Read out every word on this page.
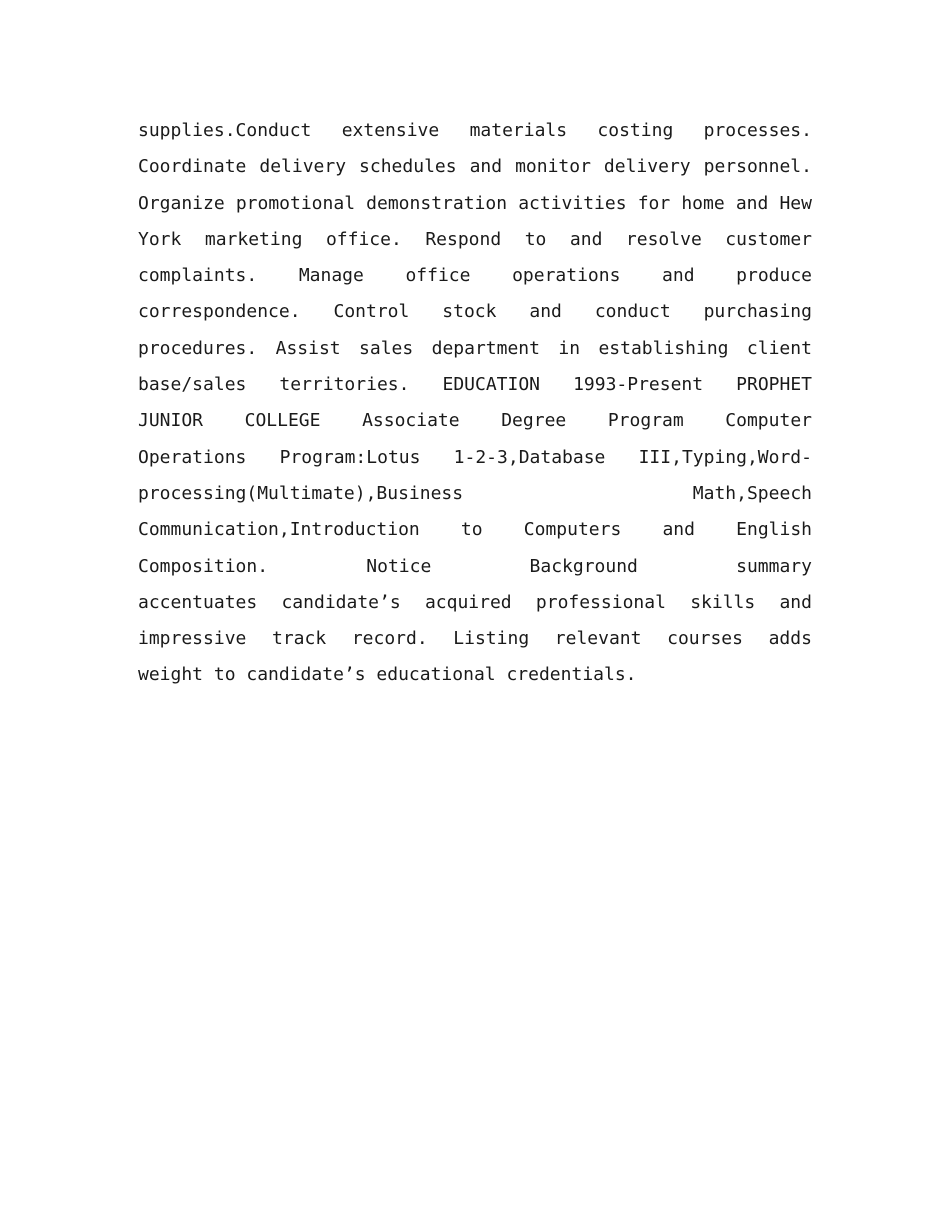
supplies.Conduct extensive materials costing processes.
Coordinate delivery schedules and monitor delivery personnel.
Organize promotional demonstration activities for home and Hew
York marketing office. Respond to and resolve customer
complaints. Manage office operations and produce
correspondence. Control stock and conduct purchasing
procedures. Assist sales department in establishing client
base/sales territories. EDUCATION 1993-Present PROPHET
JUNIOR COLLEGE Associate Degree Program Computer
Operations Program:Lotus 1-2-3,Database III,Typing,Word-
processing(Multimate),Business	Math,Speech
Communication,Introduction to Computers and English
Composition.	Notice	Background	summary
accentuates candidate’s acquired professional skills and
impressive track record. Listing relevant courses adds
weight to candidate’s educational credentials.
